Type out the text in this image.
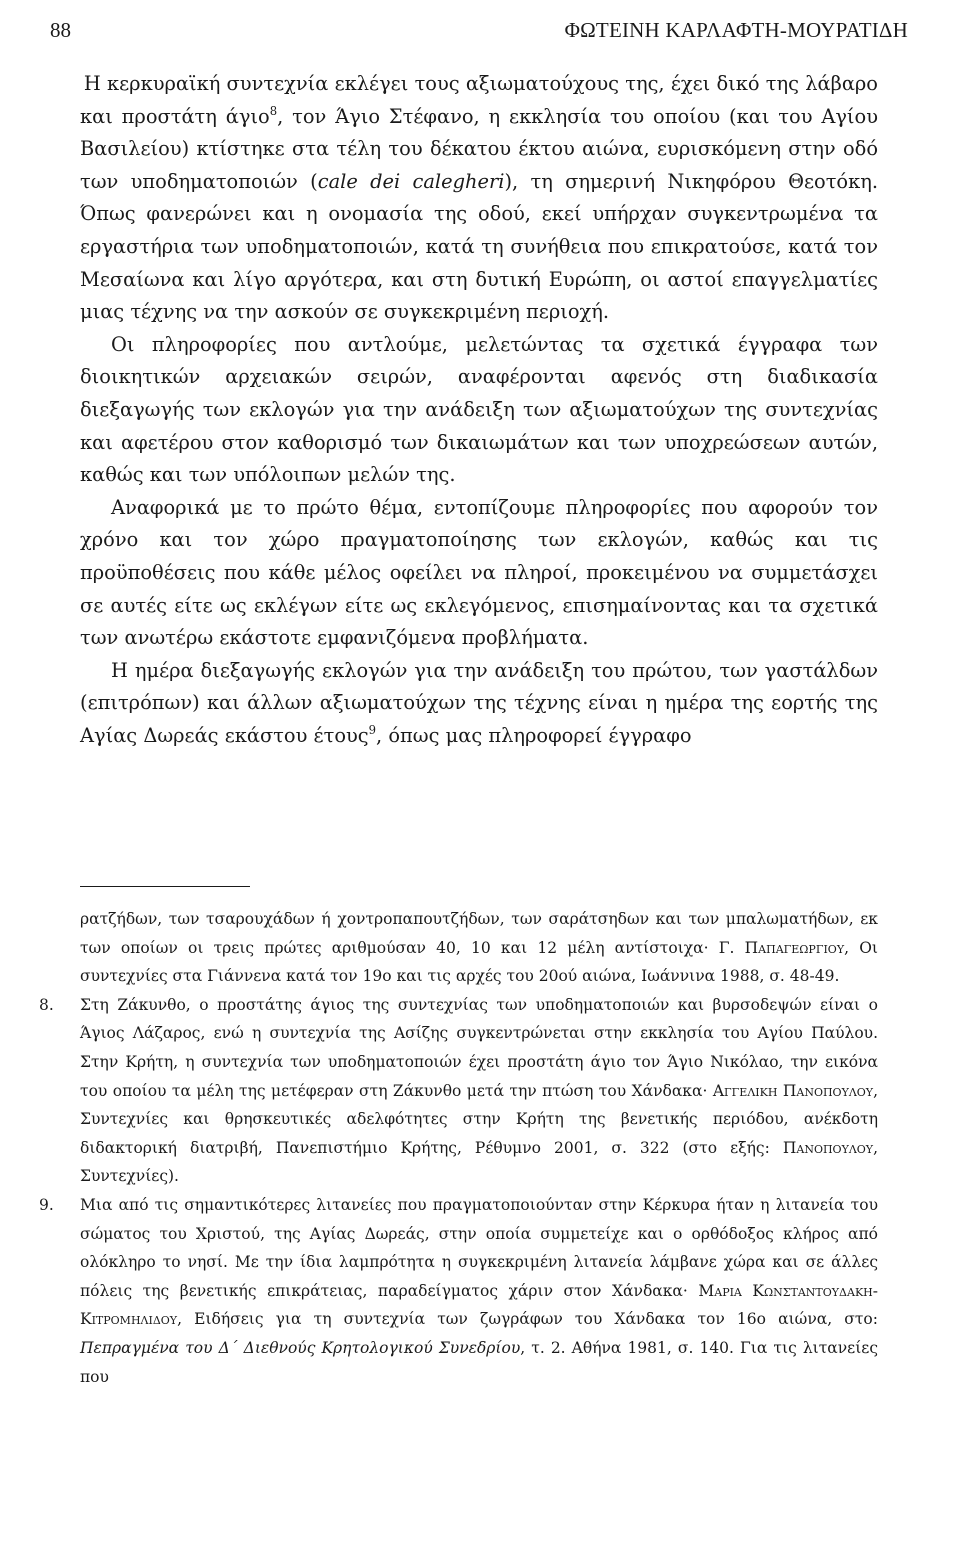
88	ΦΩΤΕΙΝΗ ΚΑΡΛΑΦΤΗ-ΜΟΥΡΑΤΙΔΗ

Η κερκυραϊκή συντεχνία εκλέγει τους αξιωματούχους της, έχει δικό της λάβαρο και προστάτη άγιο$^8$, τον Άγιο Στέφανο, η εκκλησία του οποίου (και του Αγίου Βασιλείου) κτίστηκε στα τέλη του δέκατου έκτου αιώνα, ευρισκόμενη στην οδό των υποδηματοποιών (cale dei calegheri), τη σημερινή Νικηφόρου Θεοτόκη. Όπως φανερώνει και η ονομασία της οδού, εκεί υπήρχαν συγκεντρωμένα τα εργαστήρια των υποδηματοποιών, κατά τη συνήθεια που επικρατούσε, κατά τον Μεσαίωνα και λίγο αργότερα, και στη δυτική Ευρώπη, οι αστοί επαγγελματίες μιας τέχνης να την ασκούν σε συγκεκριμένη περιοχή.

Οι πληροφορίες που αντλούμε, μελετώντας τα σχετικά έγγραφα των διοικητικών αρχειακών σειρών, αναφέρονται αφενός στη διαδικασία διεξαγωγής των εκλογών για την ανάδειξη των αξιωματούχων της συντεχνίας και αφετέρου στον καθορισμό των δικαιωμάτων και των υποχρεώσεων αυτών, καθώς και των υπόλοιπων μελών της.

Αναφορικά με το πρώτο θέμα, εντοπίζουμε πληροφορίες που αφορούν τον χρόνο και τον χώρο πραγματοποίησης των εκλογών, καθώς και τις προϋποθέσεις που κάθε μέλος οφείλει να πληροί, προκειμένου να συμμετάσχει σε αυτές είτε ως εκλέγων είτε ως εκλεγόμενος, επισημαίνοντας και τα σχετικά των ανωτέρω εκάστοτε εμφανιζόμενα προβλήματα.

Η ημέρα διεξαγωγής εκλογών για την ανάδειξη του πρώτου, των γαστάλδων (επιτρόπων) και άλλων αξιωματούχων της τέχνης είναι η ημέρα της εορτής της Αγίας Δωρεάς εκάστου έτους$^9$, όπως μας πληροφορεί έγγραφο

ρατζήδων, των τσαρουχάδων ή χοντροπαπουτζήδων, των σαράτσηδων και των μπαλωματήδων, εκ των οποίων οι τρεις πρώτες αριθμούσαν 40, 10 και 12 μέλη αντίστοιχα· Γ. Παπαγεωργιου, Οι συντεχνίες στα Γιάννενα κατά τον 19ο και τις αρχές του 20ού αιώνα, Ιωάννινα 1988, σ. 48-49.

8. Στη Ζάκυνθο, ο προστάτης άγιος της συντεχνίας των υποδηματοποιών και βυρσοδεψών είναι ο Άγιος Λάζαρος, ενώ η συντεχνία της Ασίζης συγκεντρώνεται στην εκκλησία του Αγίου Παύλου. Στην Κρήτη, η συντεχνία των υποδηματοποιών έχει προστάτη άγιο τον Άγιο Νικόλαο, την εικόνα του οποίου τα μέλη της μετέφεραν στη Ζάκυνθο μετά την πτώση του Χάνδακα· Αγγελικη Πανοπουλου, Συντεχνίες και θρησκευτικές αδελφότητες στην Κρήτη της βενετικής περιόδου, ανέκδοτη διδακτορική διατριβή, Πανεπιστήμιο Κρήτης, Ρέθυμνο 2001, σ. 322 (στο εξής: Πανοπουλου, Συντεχνίες).

9. Μια από τις σημαντικότερες λιτανείες που πραγματοποιούνταν στην Κέρκυρα ήταν η λιτανεία του σώματος του Χριστού, της Αγίας Δωρεάς, στην οποία συμμετείχε και ο ορθόδοξος κλήρος από ολόκληρο το νησί. Με την ίδια λαμπρότητα η συγκεκριμένη λιτανεία λάμβανε χώρα και σε άλλες πόλεις της βενετικής επικράτειας, παραδείγματος χάριν στον Χάνδακα· Μαρια Κωνσταντουδακη-Κιτρομηλιδου, Ειδήσεις για τη συντεχνία των ζωγράφων του Χάνδακα τον 16ο αιώνα, στο: Πεπραγμένα του Δ΄ Διεθνούς Κρητολογικού Συνεδρίου, τ. 2. Αθήνα 1981, σ. 140. Για τις λιτανείες που
